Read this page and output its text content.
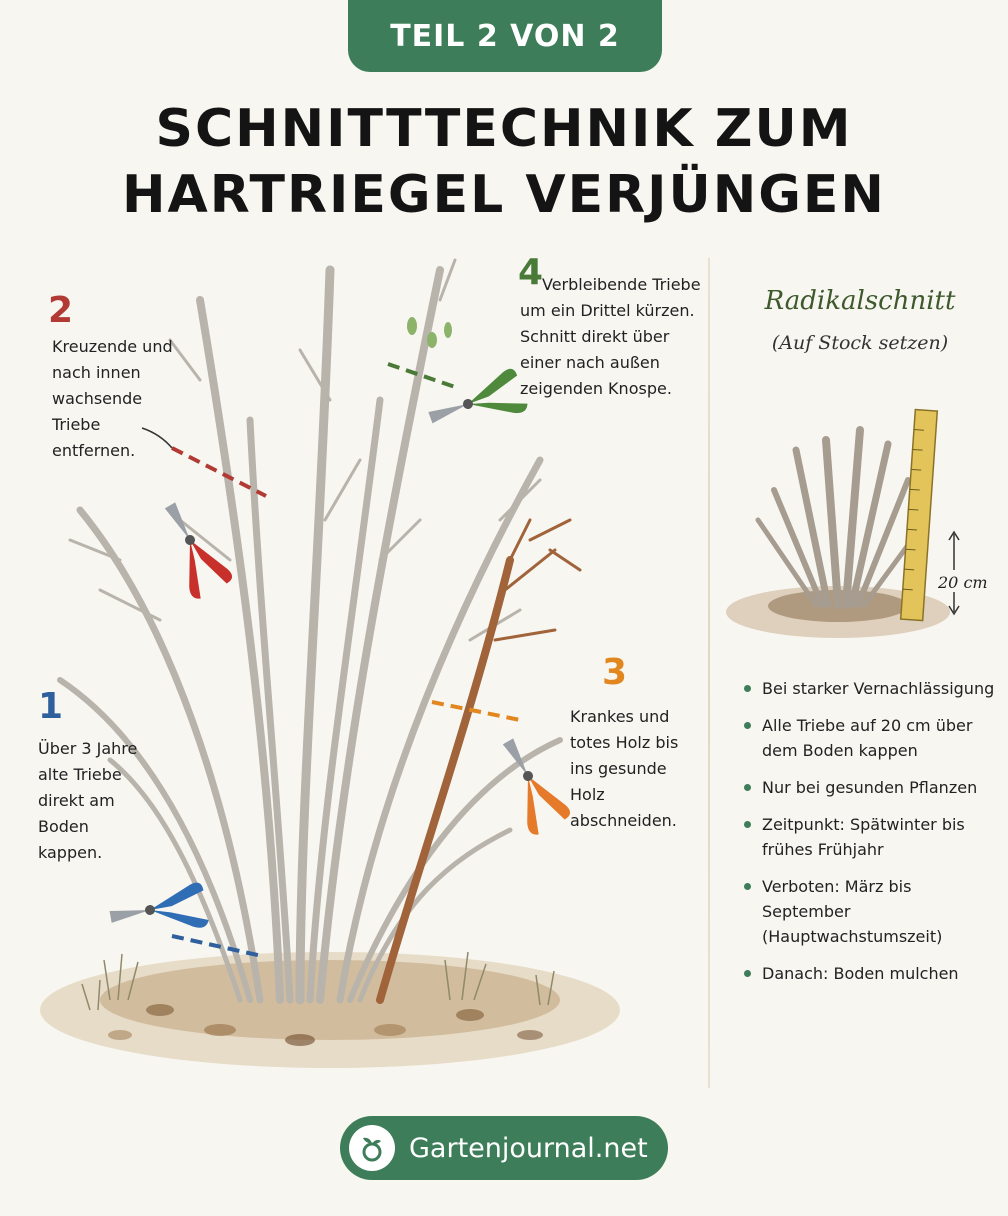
TEIL 2 VON 2
SCHNITTTECHNIK ZUM
HARTRIEGEL VERJÜNGEN
2
Kreuzende und
nach innen
wachsende
Triebe
entfernen.
4
Verbleibende Triebe
um ein Drittel kürzen.
Schnitt direkt über
einer nach außen
zeigenden Knospe.
3
Krankes und
totes Holz bis
ins gesunde
Holz
abschneiden.
1
Über 3 Jahre
alte Triebe
direkt am
Boden
kappen.
Radikalschnitt
(Auf Stock setzen)
20 cm
Bei starker Vernachlässigung
Alle Triebe auf 20 cm über dem Boden kappen
Nur bei gesunden Pflanzen
Zeitpunkt: Spätwinter bis frühes Frühjahr
Verboten: März bis September (Hauptwachstumszeit)
Danach: Boden mulchen
Gartenjournal.net
